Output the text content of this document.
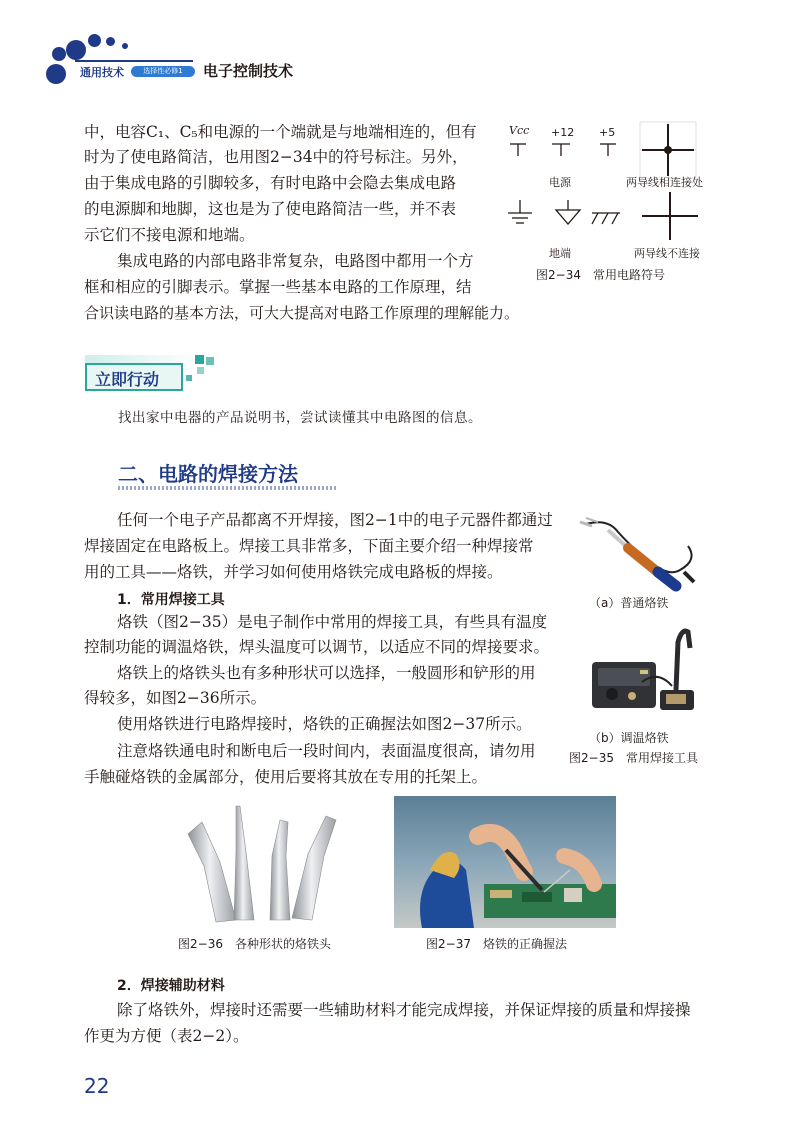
通用技术	选择性必修1	电子控制技术

中，电容C₁、C₅和电源的一个端就是与地端相连的，但有

时为了使电路简洁，也用图2−34中的符号标注。另外，

由于集成电路的引脚较多，有时电路中会隐去集成电路

的电源脚和地脚，这也是为了使电路简洁一些，并不表

示它们不接电源和地端。

集成电路的内部电路非常复杂，电路图中都用一个方

框和相应的引脚表示。掌握一些基本电路的工作原理，结

合识读电路的基本方法，可大大提高对电路工作原理的理解能力。

Vcc +12 +5
电源	两导线相连接处
地端	两导线不连接
图2−34　常用电路符号
立即行动

找出家中电器的产品说明书，尝试读懂其中电路图的信息。

二、电路的焊接方法

任何一个电子产品都离不开焊接，图2−1中的电子元器件都通过

焊接固定在电路板上。焊接工具非常多，下面主要介绍一种焊接常

用的工具——烙铁，并学习如何使用烙铁完成电路板的焊接。

1．常用焊接工具

烙铁（图2−35）是电子制作中常用的焊接工具，有些具有温度

控制功能的调温烙铁，焊头温度可以调节，以适应不同的焊接要求。

烙铁上的烙铁头也有多种形状可以选择，一般圆形和铲形的用

得较多，如图2−36所示。

使用烙铁进行电路焊接时，烙铁的正确握法如图2−37所示。

注意烙铁通电时和断电后一段时间内，表面温度很高，请勿用

手触碰烙铁的金属部分，使用后要将其放在专用的托架上。

（a）普通烙铁
（b）调温烙铁
图2−35　常用焊接工具
图2−36　各种形状的烙铁头	图2−37　烙铁的正确握法
2．焊接辅助材料

除了烙铁外，焊接时还需要一些辅助材料才能完成焊接，并保证焊接的质量和焊接操

作更为方便（表2−2）。

22
